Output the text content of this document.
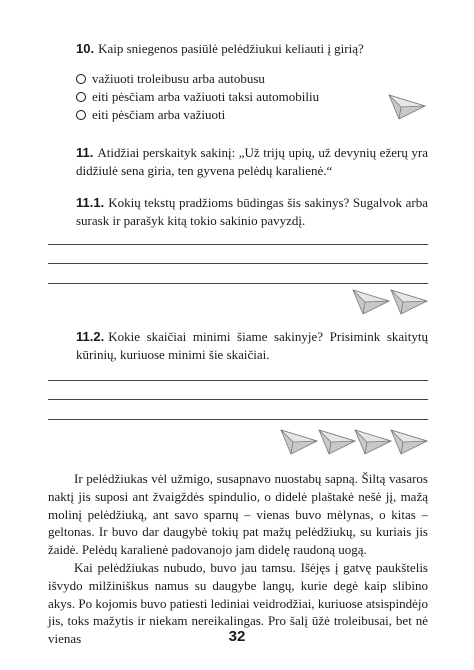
10. Kaip sniegenos pasiūlė pelėdžiukui keliauti į girią?
važiuoti troleibusu arba autobusu
eiti pėsčiam arba važiuoti taksi automobiliu
eiti pėsčiam arba važiuoti
11. Atidžiai perskaityk sakinį: „Už trijų upių, už devynių ežerų yra didžiulė sena giria, ten gyvena pelėdų karalienė.“
11.1. Kokių tekstų pradžioms būdingas šis sakinys? Sugalvok arba surask ir parašyk kitą tokio sakinio pavyzdį.
11.2. Kokie skaičiai minimi šiame sakinyje? Prisimink skaitytų kūrinių, kuriuose minimi šie skaičiai.

Ir pelėdžiukas vėl užmigo, susapnavo nuostabų sapną. Šiltą vasaros naktį jis suposi ant žvaigždės spindulio, o didelė plaštakė nešė jį, mažą molinį pelėdžiuką, ant savo sparnų – vienas buvo mėlynas, o kitas – geltonas. Ir buvo dar daugybė tokių pat mažų pelėdžiukų, su kuriais jis žaidė. Pelėdų karalienė padovanojo jam didelę raudoną uogą.

Kai pelėdžiukas nubudo, buvo jau tamsu. Išėjęs į gatvę paukštelis išvydo milžiniškus namus su daugybe langų, kurie degė kaip slibino akys. Po kojomis buvo patiesti lediniai veidrodžiai, kuriuose atsispindėjo jis, toks mažytis ir niekam nereikalingas. Pro šalį ūžė troleibusai, bet nė vienas	32
